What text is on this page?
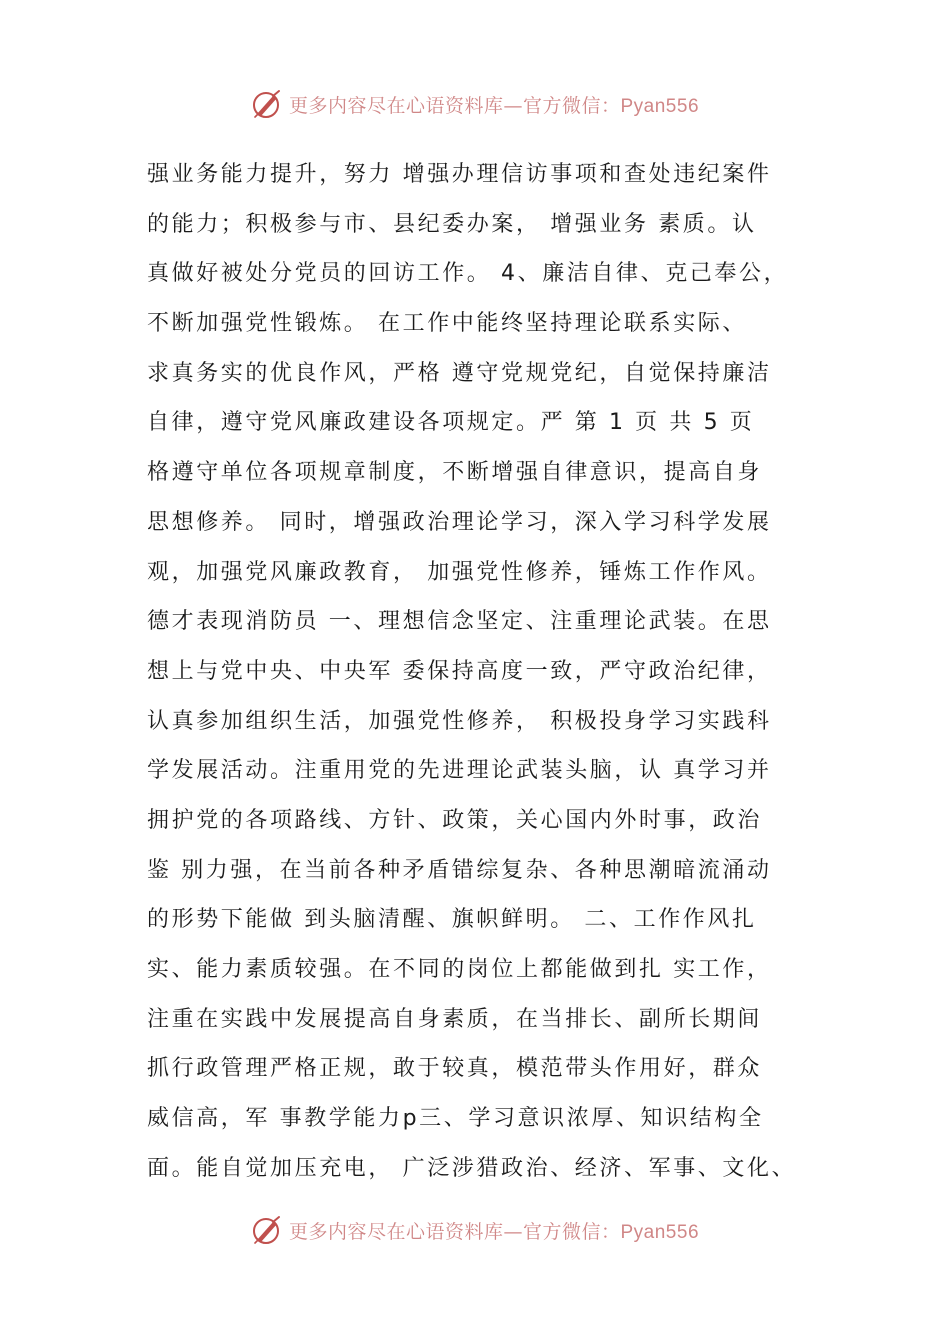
更多内容尽在心语资料库—官方微信：Pyan556
强业务能力提升，努力 增强办理信访事项和查处违纪案件
的能力；积极参与市、县纪委办案， 增强业务 素质。认
真做好被处分党员的回访工作。 4、廉洁自律、克己奉公，
不断加强党性锻炼。 在工作中能终坚持理论联系实际、
求真务实的优良作风，严格 遵守党规党纪，自觉保持廉洁
自律，遵守党风廉政建设各项规定。严 第 1 页 共 5 页
格遵守单位各项规章制度，不断增强自律意识，提高自身
思想修养。 同时，增强政治理论学习，深入学习科学发展
观，加强党风廉政教育， 加强党性修养，锤炼工作作风。
德才表现消防员 一、理想信念坚定、注重理论武装。在思
想上与党中央、中央军 委保持高度一致，严守政治纪律，
认真参加组织生活，加强党性修养， 积极投身学习实践科
学发展活动。注重用党的先进理论武装头脑，认 真学习并
拥护党的各项路线、方针、政策，关心国内外时事，政治
鉴 别力强，在当前各种矛盾错综复杂、各种思潮暗流涌动
的形势下能做 到头脑清醒、旗帜鲜明。 二、工作作风扎
实、能力素质较强。在不同的岗位上都能做到扎 实工作，
注重在实践中发展提高自身素质，在当排长、副所长期间
抓行政管理严格正规，敢于较真，模范带头作用好，群众
威信高，军 事教学能力p三、学习意识浓厚、知识结构全
面。能自觉加压充电， 广泛涉猎政治、经济、军事、文化、
更多内容尽在心语资料库—官方微信：Pyan556
